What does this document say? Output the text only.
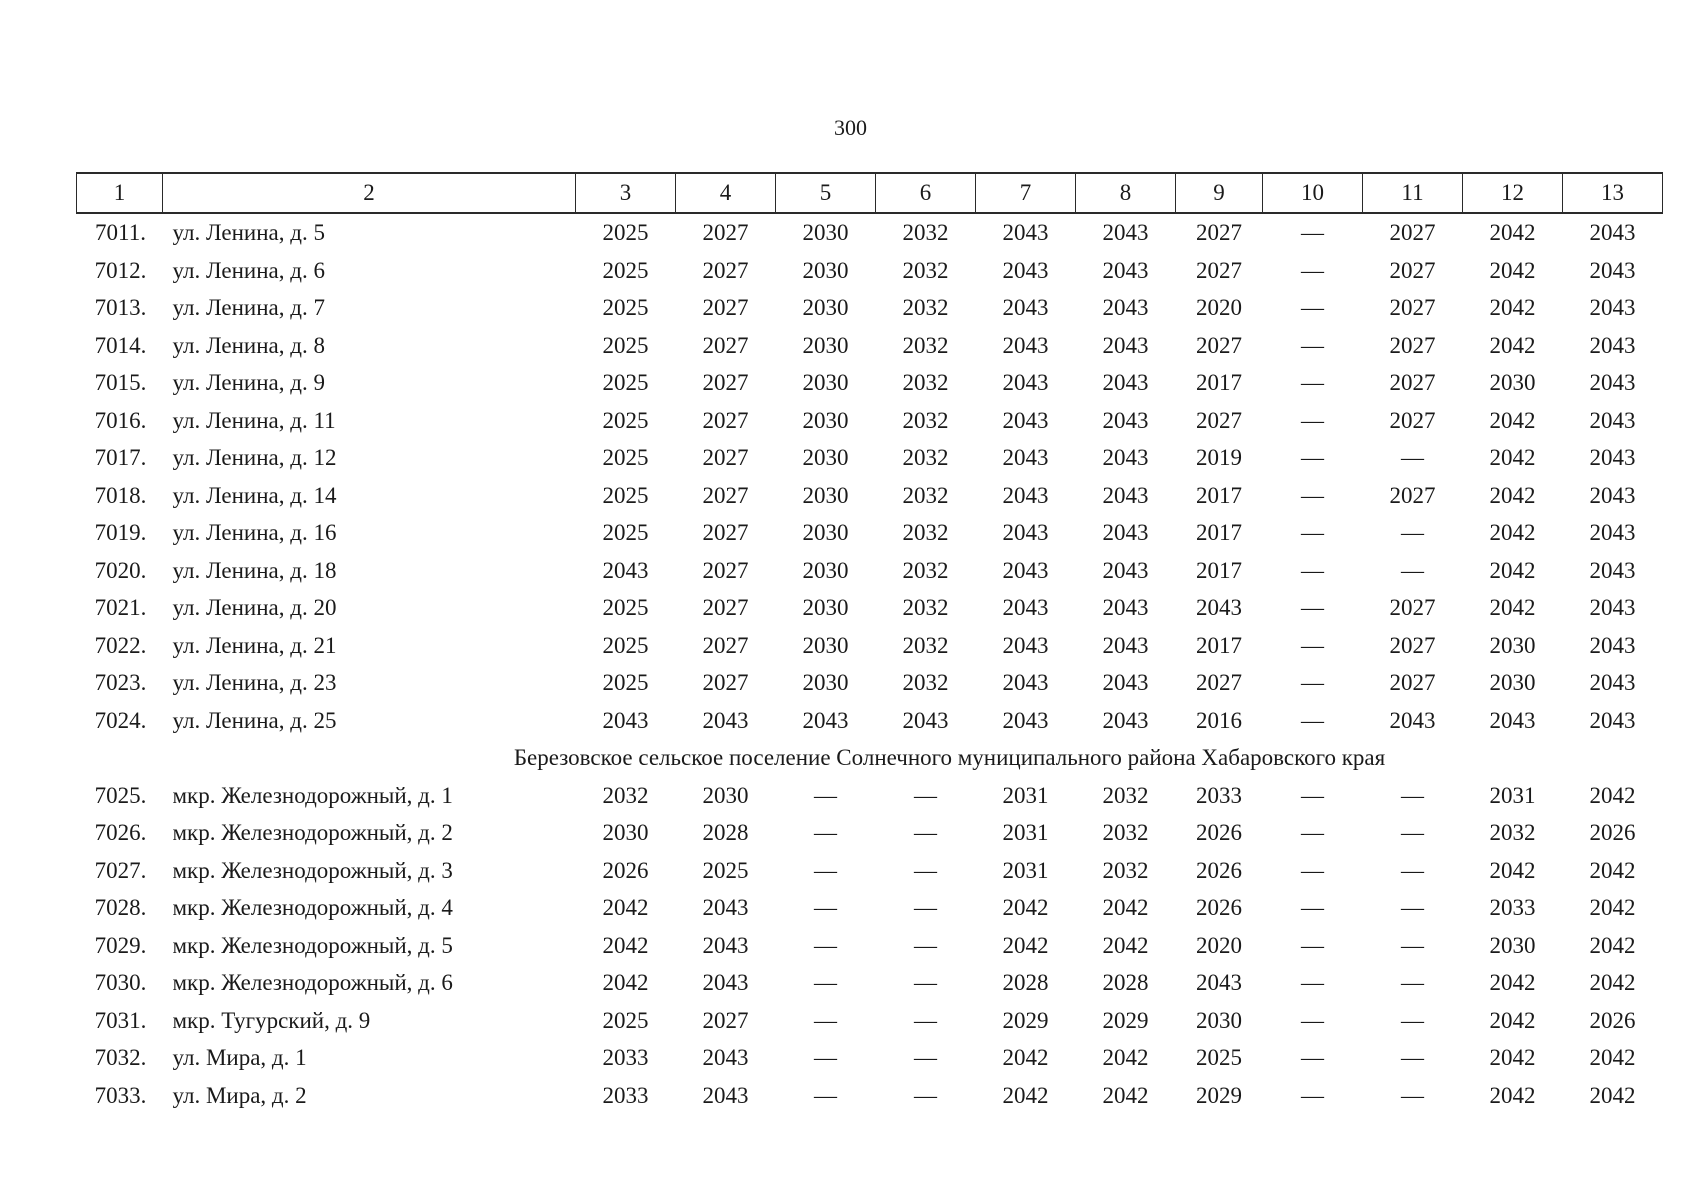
300
1	2	3	4	5	6	7	8	9	10	11	12	13
7011.	ул. Ленина, д. 5	2025	2027	2030	2032	2043	2043	2027	—	2027	2042	2043
7012.	ул. Ленина, д. 6	2025	2027	2030	2032	2043	2043	2027	—	2027	2042	2043
7013.	ул. Ленина, д. 7	2025	2027	2030	2032	2043	2043	2020	—	2027	2042	2043
7014.	ул. Ленина, д. 8	2025	2027	2030	2032	2043	2043	2027	—	2027	2042	2043
7015.	ул. Ленина, д. 9	2025	2027	2030	2032	2043	2043	2017	—	2027	2030	2043
7016.	ул. Ленина, д. 11	2025	2027	2030	2032	2043	2043	2027	—	2027	2042	2043
7017.	ул. Ленина, д. 12	2025	2027	2030	2032	2043	2043	2019	—	—	2042	2043
7018.	ул. Ленина, д. 14	2025	2027	2030	2032	2043	2043	2017	—	2027	2042	2043
7019.	ул. Ленина, д. 16	2025	2027	2030	2032	2043	2043	2017	—	—	2042	2043
7020.	ул. Ленина, д. 18	2043	2027	2030	2032	2043	2043	2017	—	—	2042	2043
7021.	ул. Ленина, д. 20	2025	2027	2030	2032	2043	2043	2043	—	2027	2042	2043
7022.	ул. Ленина, д. 21	2025	2027	2030	2032	2043	2043	2017	—	2027	2030	2043
7023.	ул. Ленина, д. 23	2025	2027	2030	2032	2043	2043	2027	—	2027	2030	2043
7024.	ул. Ленина, д. 25	2043	2043	2043	2043	2043	2043	2016	—	2043	2043	2043
Березовское сельское поселение Солнечного муниципального района Хабаровского края												
7025.	мкр. Железнодорожный, д. 1	2032	2030	—	—	2031	2032	2033	—	—	2031	2042
7026.	мкр. Железнодорожный, д. 2	2030	2028	—	—	2031	2032	2026	—	—	2032	2026
7027.	мкр. Железнодорожный, д. 3	2026	2025	—	—	2031	2032	2026	—	—	2042	2042
7028.	мкр. Железнодорожный, д. 4	2042	2043	—	—	2042	2042	2026	—	—	2033	2042
7029.	мкр. Железнодорожный, д. 5	2042	2043	—	—	2042	2042	2020	—	—	2030	2042
7030.	мкр. Железнодорожный, д. 6	2042	2043	—	—	2028	2028	2043	—	—	2042	2042
7031.	мкр. Тугурский, д. 9	2025	2027	—	—	2029	2029	2030	—	—	2042	2026
7032.	ул. Мира, д. 1	2033	2043	—	—	2042	2042	2025	—	—	2042	2042
7033.	ул. Мира, д. 2	2033	2043	—	—	2042	2042	2029	—	—	2042	2042
